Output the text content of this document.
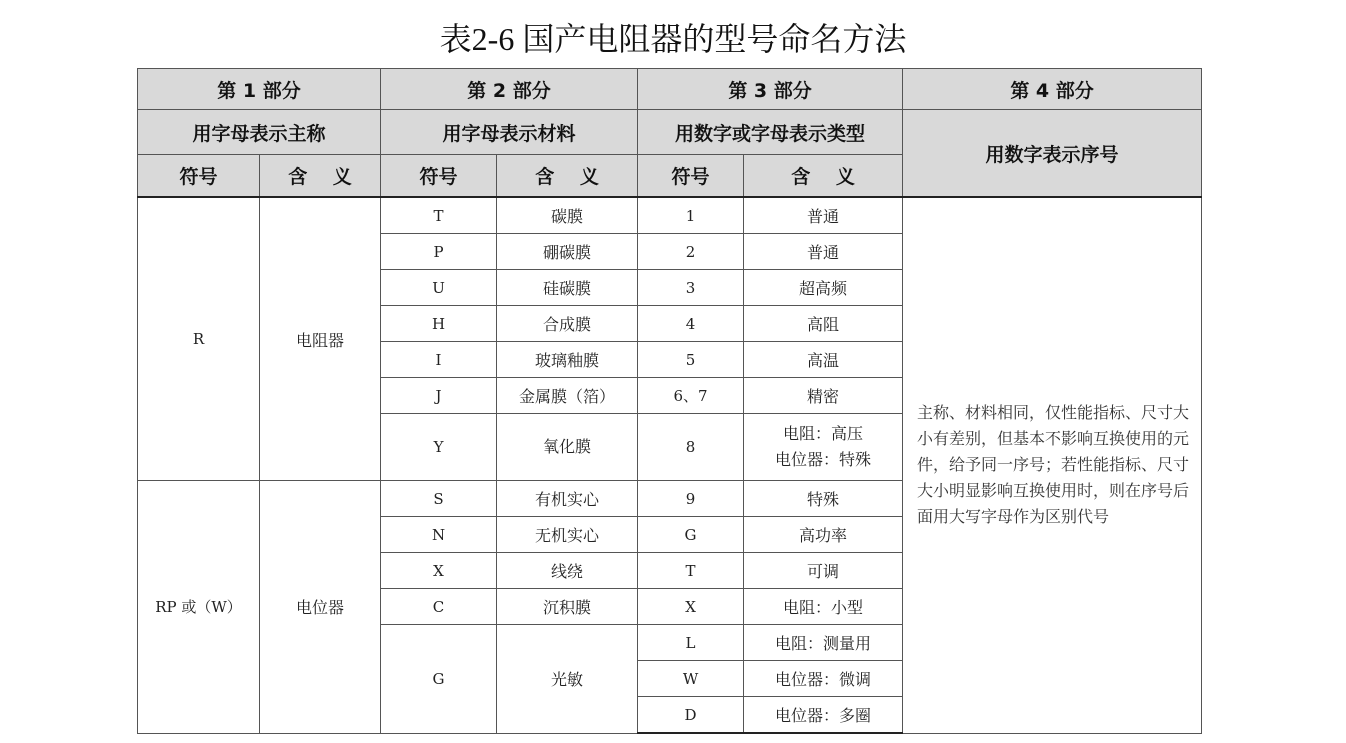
表2-6 国产电阻器的型号命名方法
第 1 部分		第 2 部分		第 3 部分		第 4 部分
用字母表示主称		用字母表示材料		用数字或字母表示类型		用数字表示序号
符号	含　 义	符号	含　 义	符号	含　 义	
R	电阻器	T	碳膜	1	普通	主称、材料相同，仅性能指标、尺寸大小有差别，但基本不影响互换使用的元件，给予同一序号；若性能指标、尺寸大小明显影响互换使用时，则在序号后面用大写字母作为区别代号
		P	硼碳膜	2	普通	
		U	硅碳膜	3	超高频	
		H	合成膜	4	高阻	
		I	玻璃釉膜	5	高温	
		J	金属膜（箔）	6、7	精密	
		Y	氧化膜	8	电阻：高压
电位器：特殊	

RP 或（W）	电位器	S	有机实心	9	特殊	
		N	无机实心	G	高功率	
		X	线绕	T	可调	
		C	沉积膜	X	电阻：小型	
		G	光敏	L	电阻：测量用	
				W	电位器：微调	
				D	电位器：多圈	
